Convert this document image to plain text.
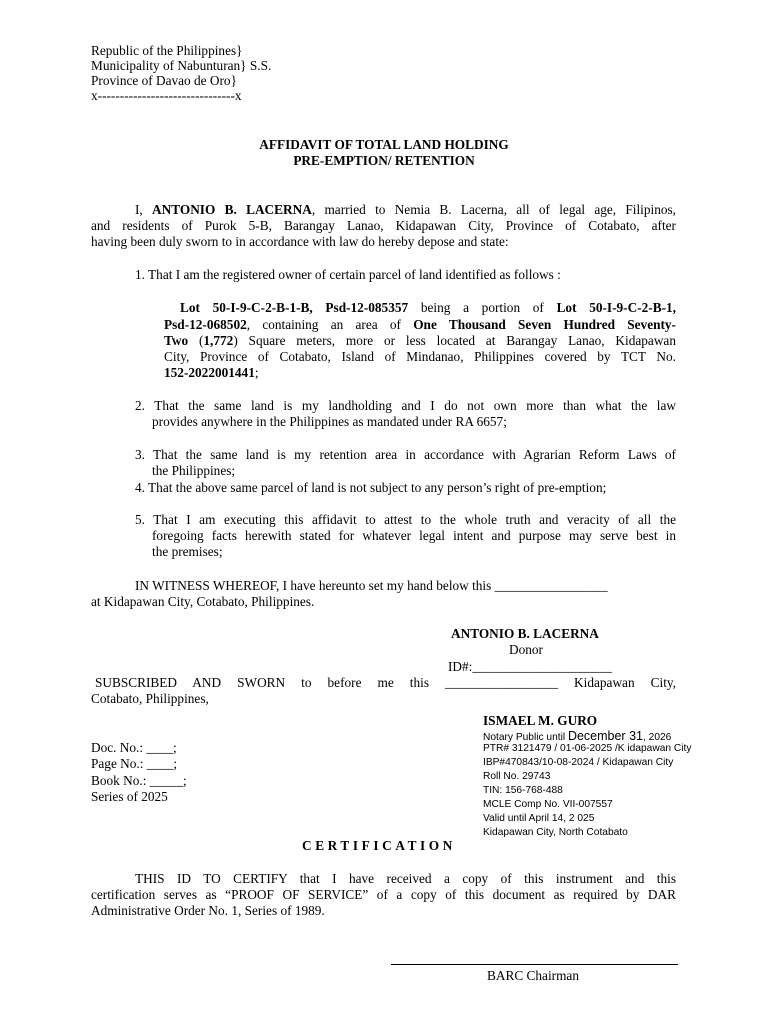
Republic of the Philippines}
Municipality of Nabunturan} S.S.
Province of Davao de Oro}
x-------------------------------x
AFFIDAVIT OF TOTAL LAND HOLDING
PRE-EMPTION/ RETENTION
I, ANTONIO B. LACERNA, married to Nemia B. Lacerna, all of legal age, Filipinos,
and residents of Purok 5-B, Barangay Lanao, Kidapawan City, Province of Cotabato, after
having been duly sworn to in accordance with law do hereby depose and state:
1. That I am the registered owner of certain parcel of land identified as follows :
Lot 50-I-9-C-2-B-1-B, Psd-12-085357 being a portion of Lot 50-I-9-C-2-B-1,
Psd-12-068502, containing an area of One Thousand Seven Hundred Seventy-
Two (1,772) Square meters, more or less located at Barangay Lanao, Kidapawan
City, Province of Cotabato, Island of Mindanao, Philippines covered by TCT No.
152-2022001441;
2. That the same land is my landholding and I do not own more than what the law
provides anywhere in the Philippines as mandated under RA 6657;
3. That the same land is my retention area in accordance with Agrarian Reform Laws of
the Philippines;
4. That the above same parcel of land is not subject to any person’s right of pre-emption;
5. That I am executing this affidavit to attest to the whole truth and veracity of all the
foregoing facts herewith stated for whatever legal intent and purpose may serve best in
the premises;
IN WITNESS WHEREOF, I have hereunto set my hand below this _________________
at Kidapawan City, Cotabato, Philippines.
ANTONIO B. LACERNA
Donor
ID#:_____________________
SUBSCRIBED AND SWORN to before me this _________________ Kidapawan City,
Cotabato, Philippines,
ISMAEL M. GURO
Notary Public until December 31, 2026
PTR# 3121479 / 01-06-2025 /K idapawan City
IBP#470843/10-08-2024 / Kidapawan City
Roll No. 29743
TIN: 156-768-488
MCLE Comp No. VII-007557
Valid until April 14, 2 025
Kidapawan City, North Cotabato
Doc. No.: ____;
Page No.: ____;
Book No.: _____;
Series of 2025
CERTIFICATION
THIS ID TO CERTIFY that I have received a copy of this instrument and this
certification serves as “PROOF OF SERVICE” of a copy of this document as required by DAR
Administrative Order No. 1, Series of 1989.
BARC Chairman
